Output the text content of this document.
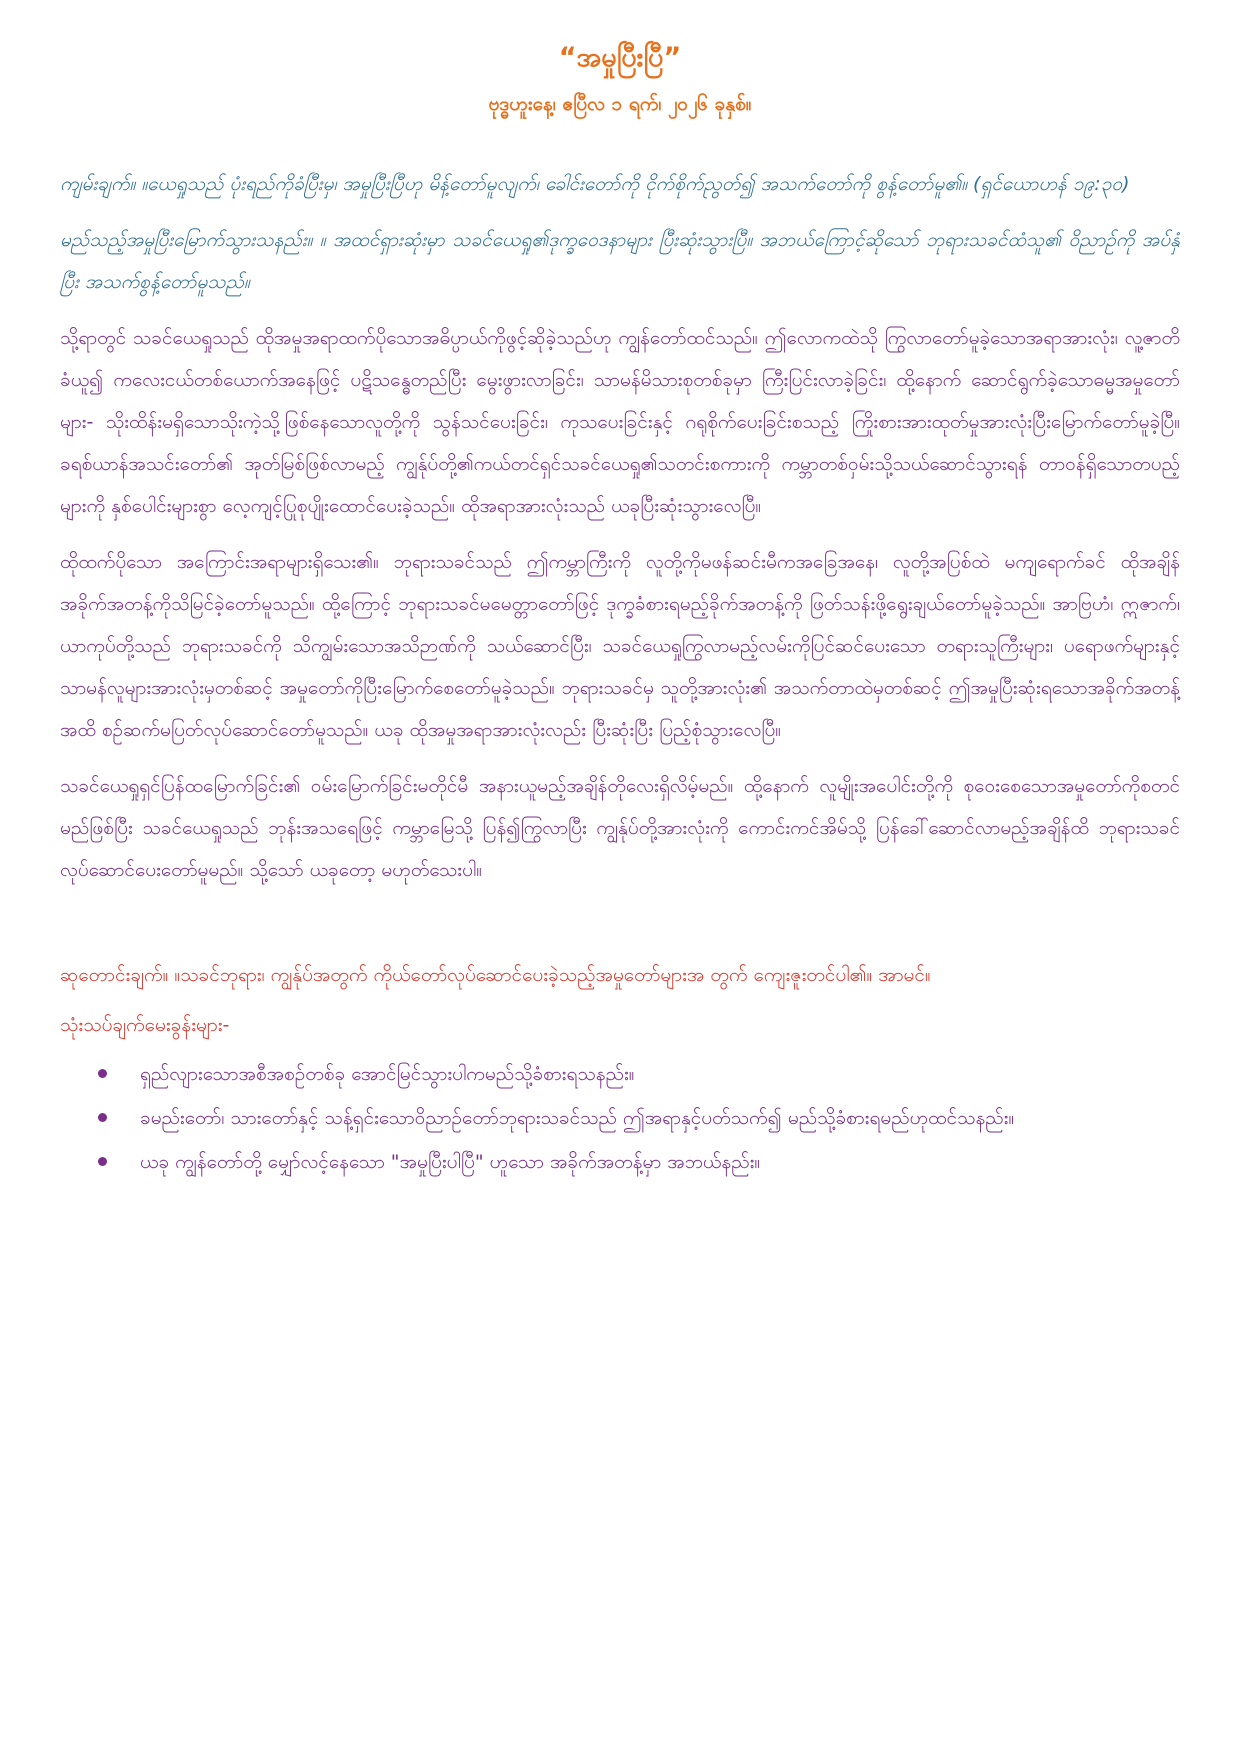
“အမှုပြီးပြီ”
ဗုဒ္ဓဟူးနေ့၊ ဧပြီလ ၁ ရက်၊ ၂၀၂၆ ခုနှစ်။

ကျမ်းချက်။ ။ယေရှုသည် ပုံးရည်ကိုခံပြီးမှ၊ အမှုပြီးပြီဟု မိန့်တော်မူလျက်၊ ခေါင်းတော်ကို ငိုက်စိုက်ညွတ်၍ အသက်တော်ကို စွန့်တော်မူ၏။ (ရှင်ယောဟန် ၁၉:၃၀)

မည်သည့်အမှုပြီးမြောက်သွားသနည်း။ ။ အထင်ရှားဆုံးမှာ သခင်ယေရှု၏ဒုက္ခဝေဒနာများ ပြီးဆုံးသွားပြီ။ အဘယ်ကြောင့်ဆိုသော် ဘုရားသခင်ထံသူ၏ ဝိညာဉ်ကို အပ်နှံပြီး အသက်စွန့်တော်မူသည်။

သို့ရာတွင် သခင်ယေရှုသည် ထိုအမှုအရာထက်ပိုသောအဓိပ္ပာယ်ကိုဖွင့်ဆိုခဲ့သည်ဟု ကျွန်တော်ထင်သည်။ ဤလောကထဲသို ကြွလာတော်မူခဲ့သောအရာအားလုံး၊ လူ့ဇာတိခံယူ၍ ကလေးငယ်တစ်ယောက်အနေဖြင့် ပဋိသန္ဓေတည်ပြီး မွေးဖွားလာခြင်း၊ သာမန်မိသားစုတစ်ခုမှာ ကြီးပြင်းလာခဲ့ခြင်း၊ ထို့နောက် ဆောင်ရွက်ခဲ့သောဓမ္မအမှုတော်များ- သိုးထိန်းမရှိသောသိုးကဲ့သို့ဖြစ်နေသောလူတို့ကို သွန်သင်ပေးခြင်း၊ ကုသပေးခြင်းနှင့် ဂရုစိုက်ပေးခြင်းစသည့် ကြိုးစားအားထုတ်မှုအားလုံးပြီးမြောက်တော်မူခဲ့ပြီ။ ခရစ်ယာန်အသင်းတော်၏ အုတ်မြစ်ဖြစ်လာမည့် ကျွန်ုပ်တို့၏ကယ်တင်ရှင်သခင်ယေရှု၏သတင်းစကားကို ကမ္ဘာတစ်ဝှမ်းသို့သယ်ဆောင်သွားရန် တာဝန်ရှိသောတပည့်များကို နှစ်ပေါင်းများစွာ လေ့ကျင့်ပြုစုပျိုးထောင်ပေးခဲ့သည်။ ထိုအရာအားလုံးသည် ယခုပြီးဆုံးသွားလေပြီ။

ထိုထက်ပိုသော အကြောင်းအရာများရှိသေး၏။ ဘုရားသခင်သည် ဤကမ္ဘာကြီးကို လူတို့ကိုမဖန်ဆင်းမီကအခြေအနေ၊ လူတို့အပြစ်ထဲ မကျရောက်ခင် ထိုအချိန်အခိုက်အတန့်ကိုသိမြင်ခဲ့တော်မူသည်။ ထို့ကြောင့် ဘုရားသခင်မမေတ္တာတော်ဖြင့် ဒုက္ခခံစားရမည့်ခိုက်အတန့်ကို ဖြတ်သန်းဖို့ရွေးချယ်တော်မူခဲ့သည်။ အာဗြဟံ၊ ဣဇာက်၊ ယာကုပ်တို့သည် ဘုရားသခင်ကို သိကျွမ်းသောအသိဉာဏ်ကို သယ်ဆောင်ပြီး၊ သခင်ယေရှုကြွလာမည့်လမ်းကိုပြင်ဆင်ပေးသော တရားသူကြီးများ၊ ပရောဖက်များနှင့် သာမန်လူများအားလုံးမှတစ်ဆင့် အမှုတော်ကိုပြီးမြောက်စေတော်မူခဲ့သည်။ ဘုရားသခင်မှ သူတို့အားလုံး၏ အသက်တာထဲမှတစ်ဆင့် ဤအမှုပြီးဆုံးရသောအခိုက်အတန့်အထိ စဉ်ဆက်မပြတ်လုပ်ဆောင်တော်မူသည်။ ယခု ထိုအမှုအရာအားလုံးလည်း ပြီးဆုံးပြီး ပြည့်စုံသွားလေပြီ။

သခင်ယေရှုရှင်ပြန်ထမြောက်ခြင်း၏ ဝမ်းမြောက်ခြင်းမတိုင်မီ အနားယူမည့်အချိန်တိုလေးရှိလိမ့်မည်။ ထို့နောက် လူမျိုးအပေါင်းတို့ကို စုဝေးစေသောအမှုတော်ကိုစတင်မည်ဖြစ်ပြီး သခင်ယေရှုသည် ဘုန်းအသရေဖြင့် ကမ္ဘာမြေသို့ ပြန်၍ကြွလာပြီး ကျွန်ုပ်တို့အားလုံးကို ကောင်းကင်အိမ်သို့ ပြန်ခေါ်ဆောင်လာမည့်အချိန်ထိ ဘုရားသခင်လုပ်ဆောင်ပေးတော်မူမည်။ သို့သော် ယခုတော့ မဟုတ်သေးပါ။

ဆုတောင်းချက်။ ။သခင်ဘုရား၊ ကျွန်ုပ်အတွက် ကိုယ်တော်လုပ်ဆောင်ပေးခဲ့သည့်အမှုတော်များအ တွက် ကျေးဇူးတင်ပါ၏။ အာမင်။

သုံးသပ်ချက်မေးခွန်းများ-

ရှည်လျားသောအစီအစဉ်တစ်ခု အောင်မြင်သွားပါကမည်သို့ခံစားရသနည်း။
ခမည်းတော်၊ သားတော်နှင့် သန့်ရှင်းသောဝိညာဉ်တော်ဘုရားသခင်သည် ဤအရာနှင့်ပတ်သက်၍ မည်သို့ခံစားရမည်ဟုထင်သနည်း။
ယခု ကျွန်တော်တို့ မျှော်လင့်နေသော "အမှုပြီးပါပြီ" ဟူသော အခိုက်အတန့်မှာ အဘယ်နည်း။
